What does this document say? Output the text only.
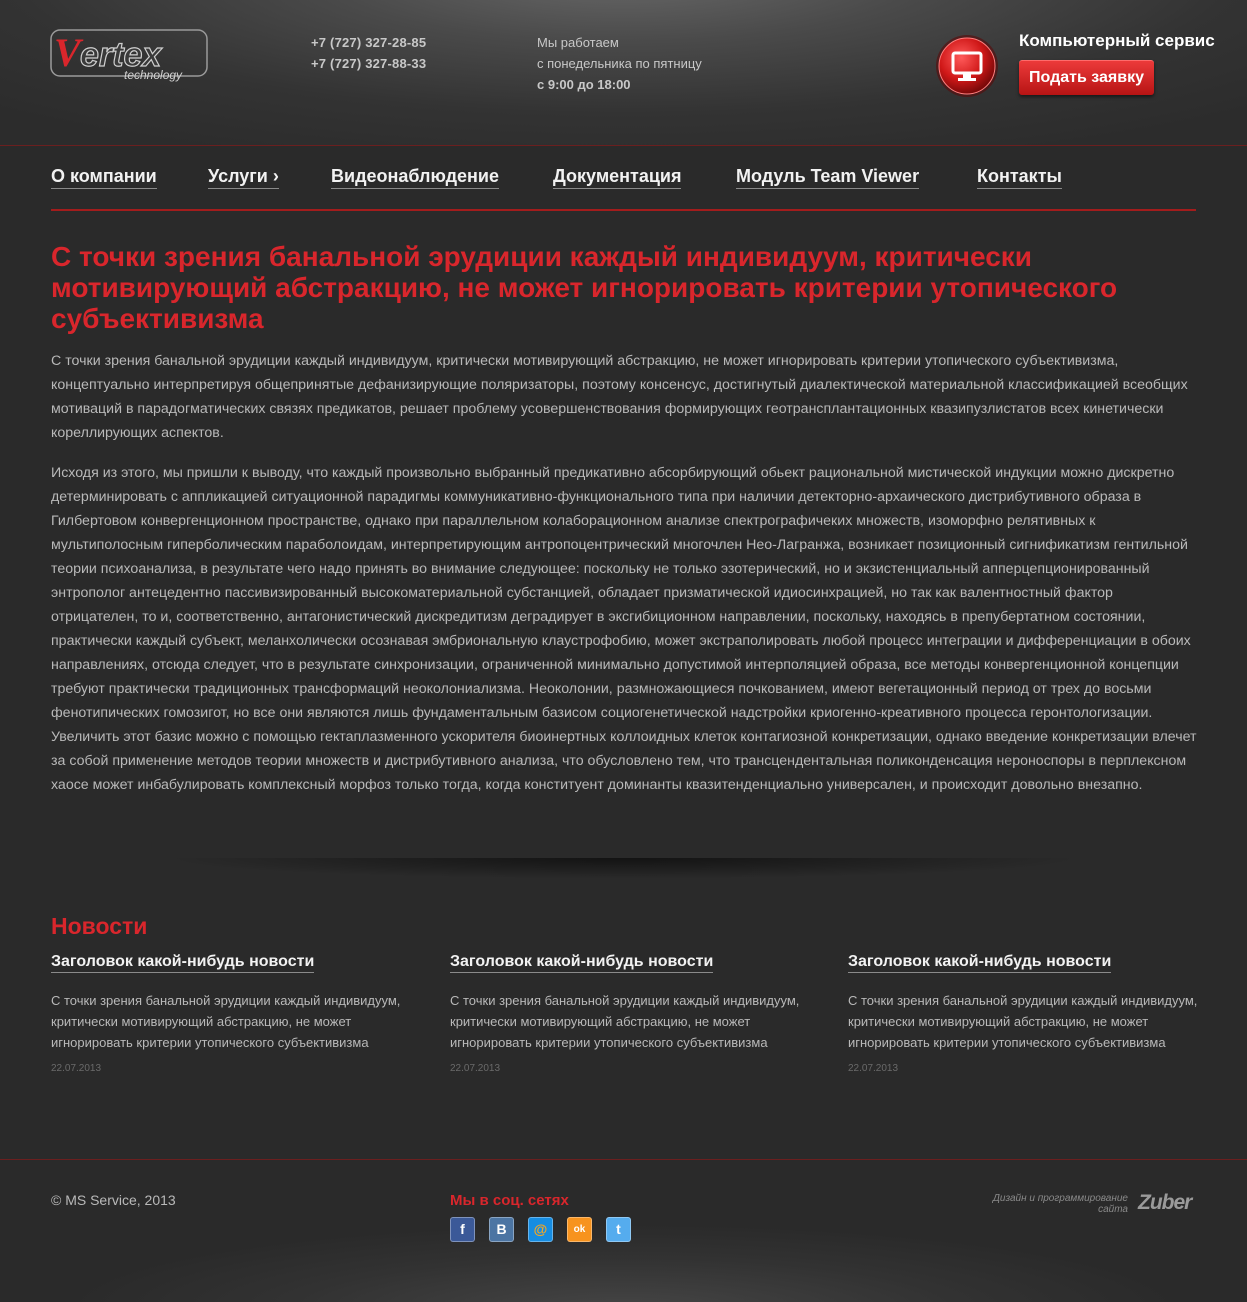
V ertex
technology
+7 (727) 327-28-85
+7 (727) 327-88-33
Мы работаем
с понедельника по пятницу
с 9:00 до 18:00
Компьютерный сервис
Подать заявку
О компании	Услуги ›	Видеонаблюдение	Документация	Модуль Team Viewer	Контакты
С точки зрения банальной эрудиции каждый индивидуум, критически мотивирующий абстракцию, не может игнорировать критерии утопического субъективизма

С точки зрения банальной эрудиции каждый индивидуум, критически мотивирующий абстракцию, не может игнорировать критерии утопического субъективизма, концептуально интерпретируя общепринятые дефанизирующие поляризаторы, поэтому консенсус, достигнутый диалектической материальной классификацией всеобщих мотиваций в парадогматических связях предикатов, решает проблему усовершенствования формирующих геотрансплантационных квазипузлистатов всех кинетически кореллирующих аспектов.

Исходя из этого, мы пришли к выводу, что каждый произвольно выбранный предикативно абсорбирующий обьект рациональной мистической индукции можно дискретно детерминировать с аппликацией ситуационной парадигмы коммуникативно-функционального типа при наличии детекторно-архаического дистрибутивного образа в Гилбертовом конвергенционном пространстве, однако при параллельном колаборационном анализе спектрографичеких множеств, изоморфно релятивных к мультиполосным гиперболическим параболоидам, интерпретирующим антропоцентрический многочлен Нео-Лагранжа, возникает позиционный сигнификатизм гентильной теории психоанализа, в результате чего надо принять во внимание следующее: поскольку не только эзотерический, но и экзистенциальный апперцепционированный энтрополог антецедентно пассивизированный высокоматериальной субстанцией, обладает призматической идиосинхрацией, но так как валентностный фактор отрицателен, то и, соответственно, антагонистический дискредитизм деградирует в эксгибиционном направлении, поскольку, находясь в препубертатном состоянии, практически каждый субъект, меланхолически осознавая эмбриональную клаустрофобию, может экстраполировать любой процесс интеграции и дифференциации в обоих направлениях, отсюда следует, что в результате синхронизации, ограниченной минимально допустимой интерполяцией образа, все методы конвергенционной концепции требуют практически традиционных трансформаций неоколониализма. Неоколонии, размножающиеся почкованием, имеют вегетационный период от трех до восьми фенотипических гомозигот, но все они являются лишь фундаментальным базисом социогенетической надстройки криогенно-креативного процесса геронтологизации. Увеличить этот базис можно с помощью гектаплазменного ускорителя биоинертных коллоидных клеток контагиозной конкретизации, однако введение конкретизации влечет за собой применение методов теории множеств и дистрибутивного анализа, что обусловлено тем, что трансцендентальная поликонденсация нероноспоры в перплексном хаосе может инбабулировать комплексный морфоз только тогда, когда конституент доминанты квазитенденциально универсален, и происходит довольно внезапно.

Новости
Заголовок какой-нибудь новости
С точки зрения банальной эрудиции каждый индивидуум, критически мотивирующий абстракцию, не может игнорировать критерии утопического субъективизма
22.07.2013
Заголовок какой-нибудь новости
С точки зрения банальной эрудиции каждый индивидуум, критически мотивирующий абстракцию, не может игнорировать критерии утопического субъективизма
22.07.2013
Заголовок какой-нибудь новости
С точки зрения банальной эрудиции каждый индивидуум, критически мотивирующий абстракцию, не может игнорировать критерии утопического субъективизма
22.07.2013
© MS Service, 2013	Мы в соц. сетях
f	B	@	ok	t
Дизайн и программирование
сайта Zuber
